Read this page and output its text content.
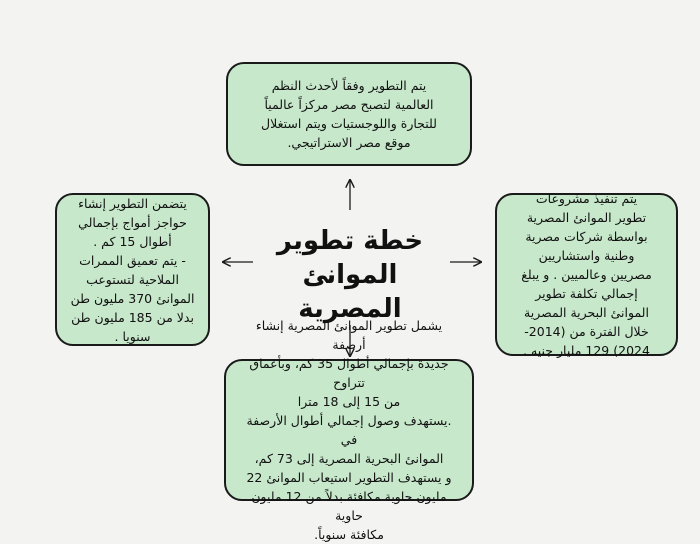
يتم التطوير وفقاً لأحدث النظم
العالمية لتصبح مصر مركزاً عالمياً
للتجارة واللوجستيات ويتم استغلال
موقع مصر الاستراتيجي.
يتضمن التطوير إنشاء
حواجز أمواج بإجمالي
أطوال 15 كم .
- يتم تعميق الممرات
الملاحية لتستوعب
الموانئ 370 مليون طن
بدلا من 185 مليون طن
سنويا .
يتم تنفيذ مشروعات
تطوير الموانئ المصرية
بواسطة شركات مصرية
وطنية واستشاريين
مصريين وعالميين . و يبلغ
إجمالي تكلفة تطوير
الموانئ البحرية المصرية
خلال الفترة من (2014-
2024) 129 مليار جنيه .
يشمل تطوير الموانئ المصرية إنشاء أرصفة
جديدة بإجمالي أطوال 35 كم، وبأعماق تتراوح
من 15 إلى 18 مترا
.يستهدف وصول إجمالي أطوال الأرصفة في
الموانئ البحرية المصرية إلى 73 كم،
و يستهدف التطوير استيعاب الموانئ 22
مليون حاوية مكافئة بدلاً من 12 مليون حاوية
مكافئة سنوياً.
خطة تطوير
الموانئ
المصرية
